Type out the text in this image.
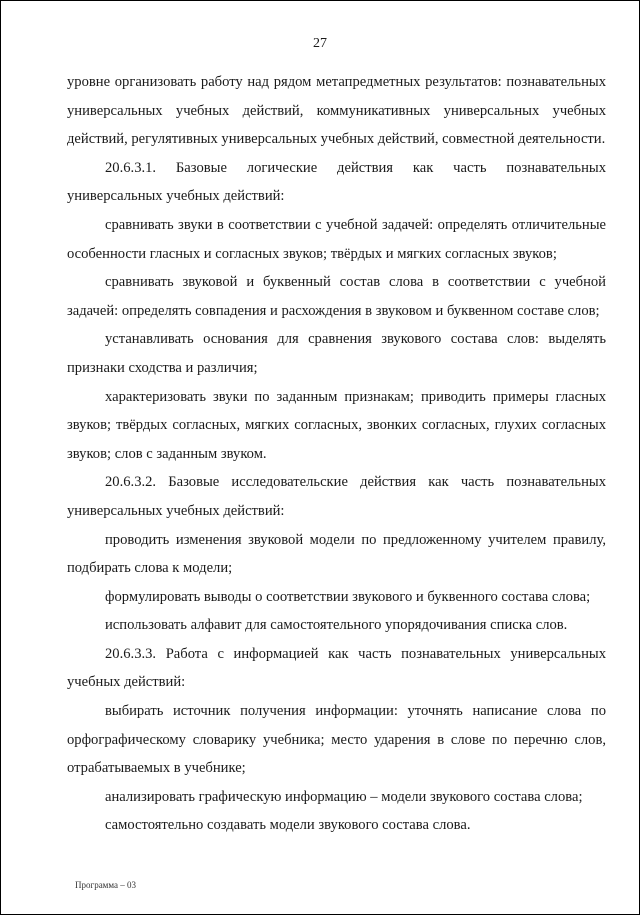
27

уровне организовать работу над рядом метапредметных результатов: познавательных универсальных учебных действий, коммуникативных универсальных учебных действий, регулятивных универсальных учебных действий, совместной деятельности.

20.6.3.1. Базовые логические действия как часть познавательных универсальных учебных действий:

сравнивать звуки в соответствии с учебной задачей: определять отличительные особенности гласных и согласных звуков; твёрдых и мягких согласных звуков;

сравнивать звуковой и буквенный состав слова в соответствии с учебной задачей: определять совпадения и расхождения в звуковом и буквенном составе слов;

устанавливать основания для сравнения звукового состава слов: выделять признаки сходства и различия;

характеризовать звуки по заданным признакам; приводить примеры гласных звуков; твёрдых согласных, мягких согласных, звонких согласных, глухих согласных звуков; слов с заданным звуком.

20.6.3.2. Базовые исследовательские действия как часть познавательных универсальных учебных действий:

проводить изменения звуковой модели по предложенному учителем правилу, подбирать слова к модели;

формулировать выводы о соответствии звукового и буквенного состава слова;

использовать алфавит для самостоятельного упорядочивания списка слов.

20.6.3.3. Работа с информацией как часть познавательных универсальных учебных действий:

выбирать источник получения информации: уточнять написание слова по орфографическому словарику учебника; место ударения в слове по перечню слов, отрабатываемых в учебнике;

анализировать графическую информацию – модели звукового состава слова;

самостоятельно создавать модели звукового состава слова.

Программа – 03
